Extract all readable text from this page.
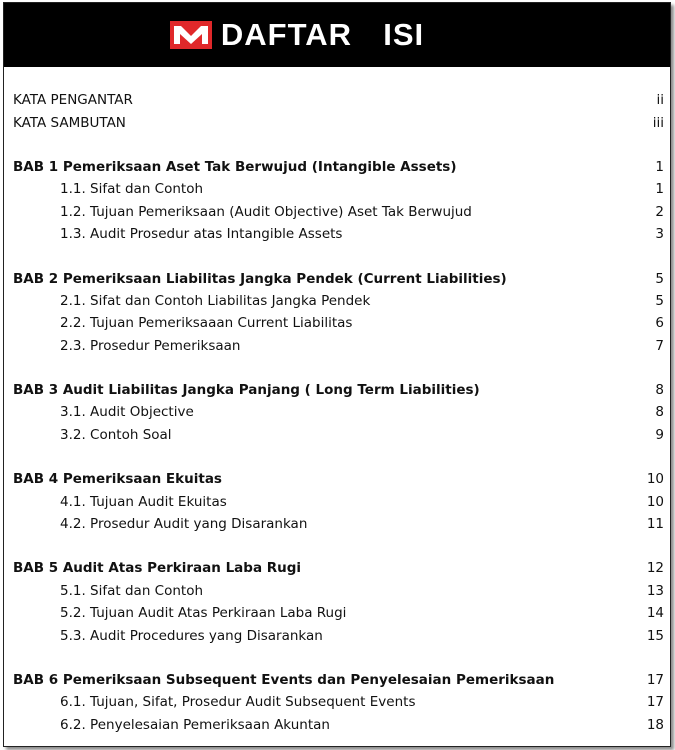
DAFTAR  ISI
KATA PENGANTAR	ii
KATA SAMBUTAN	iii
BAB 1 Pemeriksaan Aset Tak Berwujud (Intangible Assets)	1
1.1. Sifat dan Contoh	1
1.2. Tujuan Pemeriksaan (Audit Objective) Aset Tak Berwujud	2
1.3. Audit Prosedur atas Intangible Assets	3
BAB 2 Pemeriksaan Liabilitas Jangka Pendek (Current Liabilities)	5
2.1. Sifat dan Contoh Liabilitas Jangka Pendek	5
2.2. Tujuan Pemeriksaaan Current Liabilitas	6
2.3. Prosedur Pemeriksaan	7
BAB 3 Audit Liabilitas Jangka Panjang ( Long Term Liabilities)	8
3.1. Audit Objective	8
3.2. Contoh Soal	9
BAB 4 Pemeriksaan Ekuitas	10
4.1. Tujuan Audit Ekuitas	10
4.2. Prosedur Audit yang Disarankan	11
BAB 5 Audit Atas Perkiraan Laba Rugi	12
5.1. Sifat dan Contoh	13
5.2. Tujuan Audit Atas Perkiraan Laba Rugi	14
5.3. Audit Procedures yang Disarankan	15
BAB 6 Pemeriksaan Subsequent Events dan Penyelesaian Pemeriksaan	17
6.1. Tujuan, Sifat, Prosedur Audit Subsequent Events	17
6.2. Penyelesaian Pemeriksaan Akuntan	18
